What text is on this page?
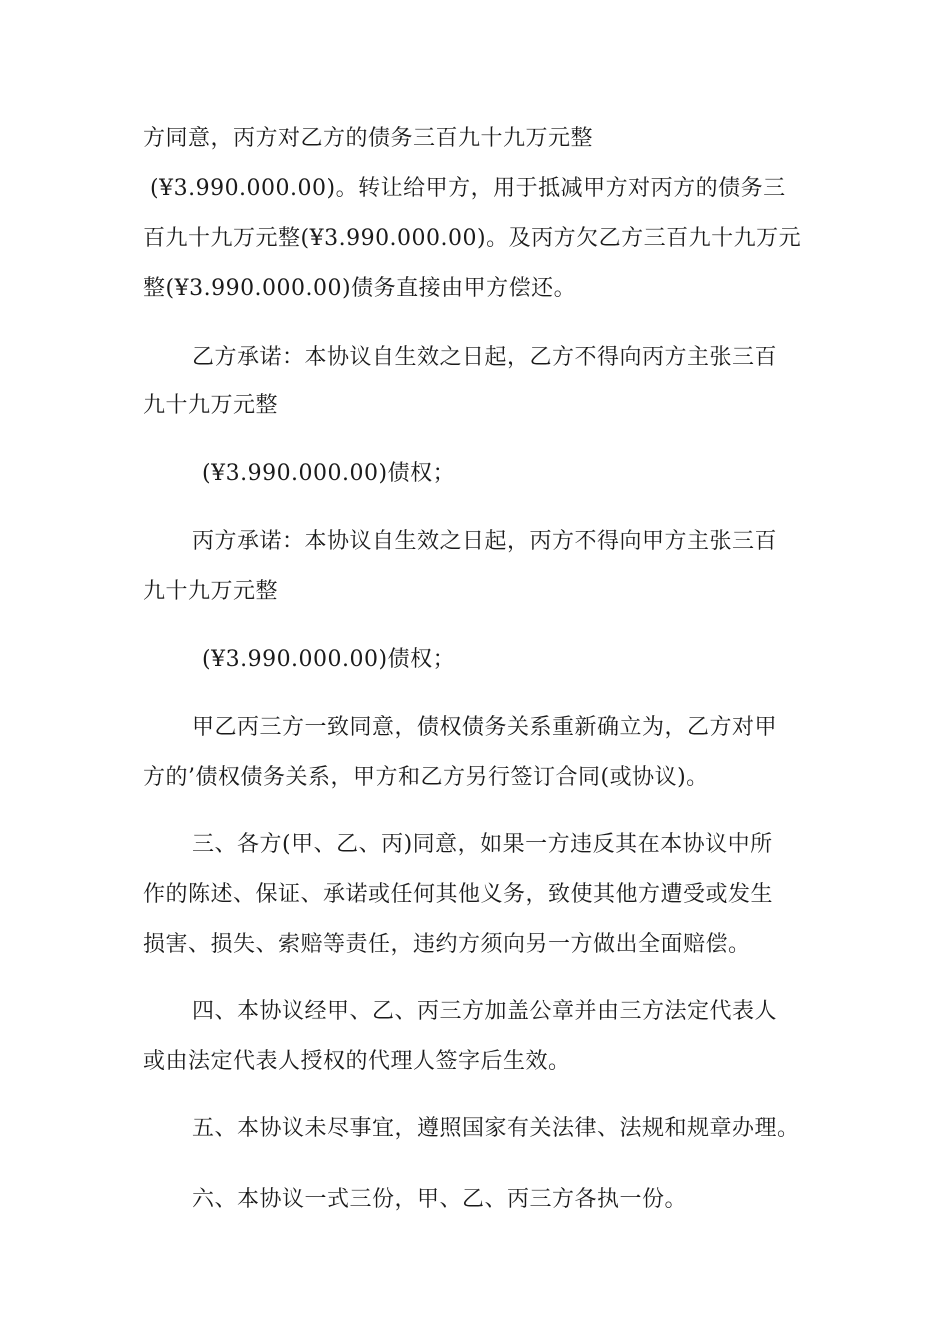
方同意，丙方对乙方的债务三百九十九万元整
(¥3.990.000.00)。转让给甲方，用于抵减甲方对丙方的债务三
百九十九万元整(¥3.990.000.00)。及丙方欠乙方三百九十九万元
整(¥3.990.000.00)债务直接由甲方偿还。
乙方承诺：本协议自生效之日起，乙方不得向丙方主张三百
九十九万元整
(¥3.990.000.00)债权；
丙方承诺：本协议自生效之日起，丙方不得向甲方主张三百
九十九万元整
(¥3.990.000.00)债权；
甲乙丙三方一致同意，债权债务关系重新确立为，乙方对甲
方的’债权债务关系，甲方和乙方另行签订合同(或协议)。
三、各方(甲、乙、丙)同意，如果一方违反其在本协议中所
作的陈述、保证、承诺或任何其他义务，致使其他方遭受或发生
损害、损失、索赔等责任，违约方须向另一方做出全面赔偿。
四、本协议经甲、乙、丙三方加盖公章并由三方法定代表人
或由法定代表人授权的代理人签字后生效。
五、本协议未尽事宜，遵照国家有关法律、法规和规章办理。
六、本协议一式三份，甲、乙、丙三方各执一份。
